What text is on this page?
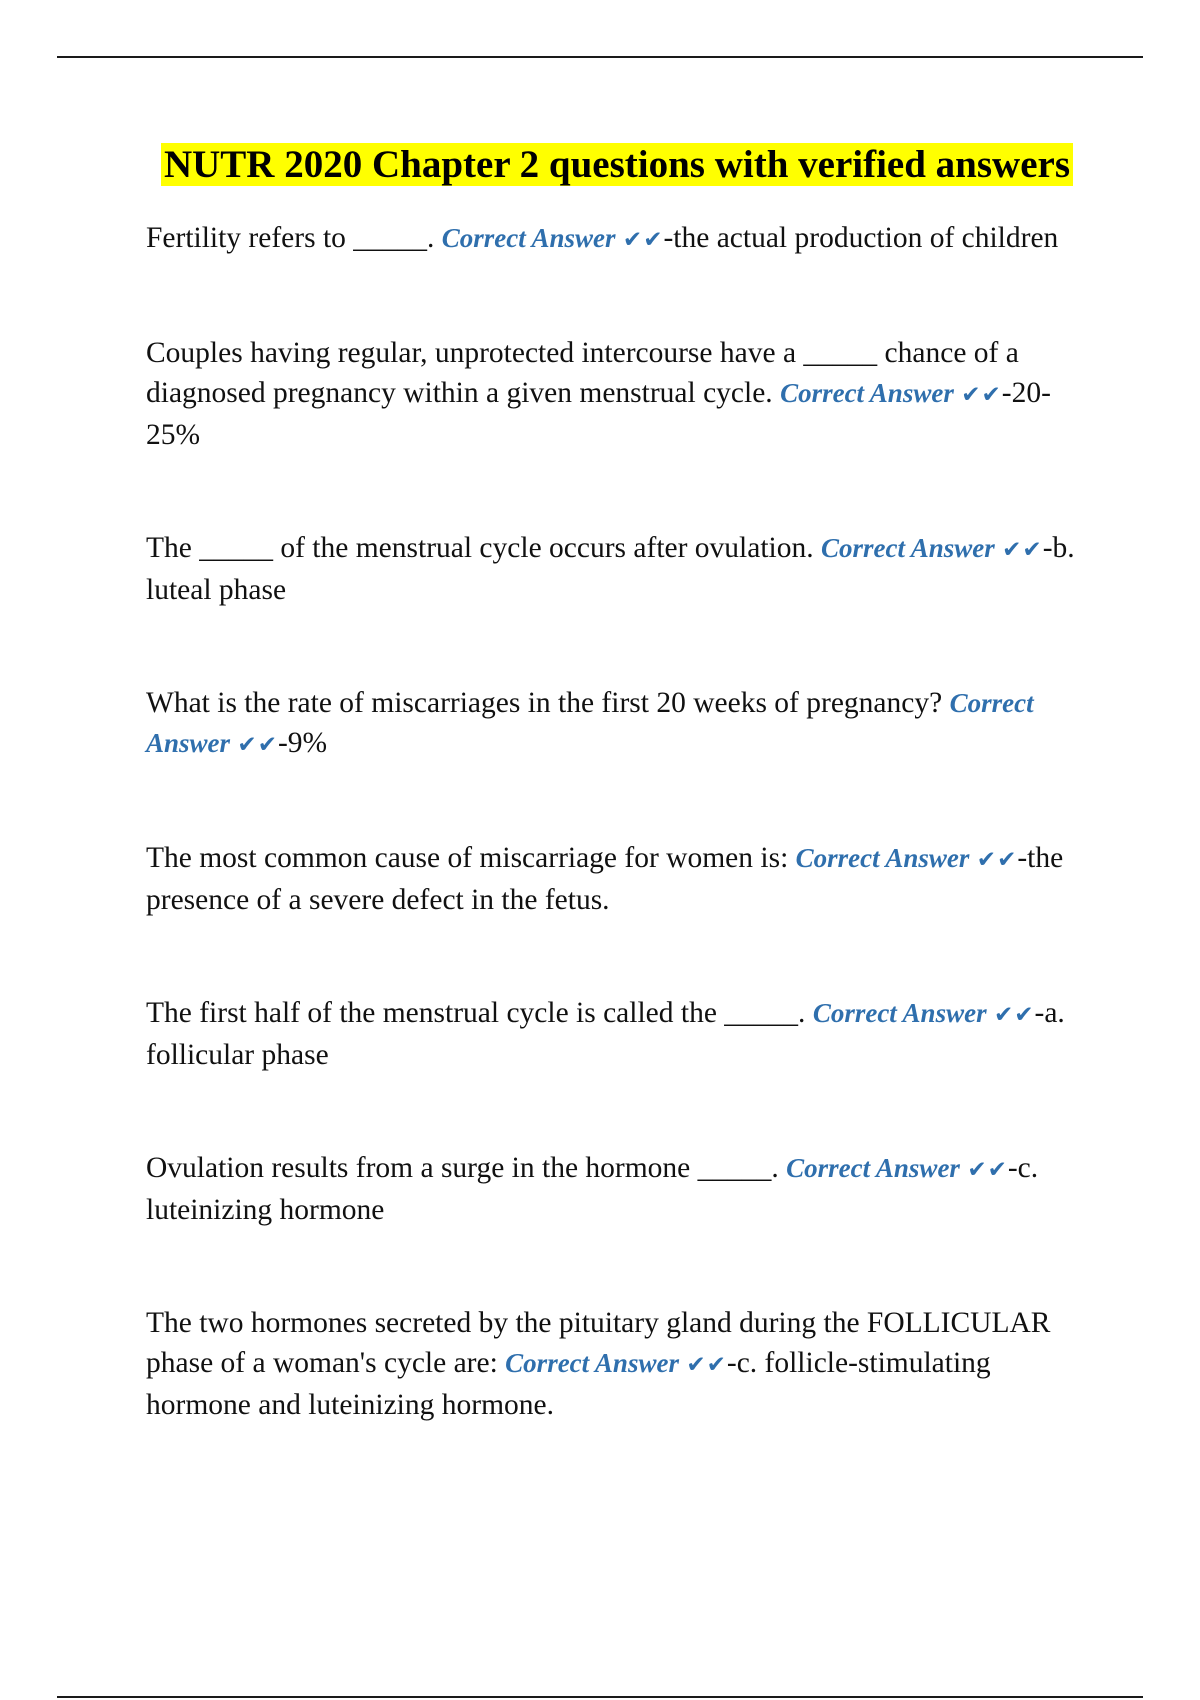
NUTR 2020 Chapter 2 questions with verified answers

Fertility refers to _____. Correct Answer ✔✔-the actual production of children

Couples having regular, unprotected intercourse have a _____ chance of a diagnosed pregnancy within a given menstrual cycle. Correct Answer ✔✔-20-25%

The _____ of the menstrual cycle occurs after ovulation. Correct Answer ✔✔-b. luteal phase

What is the rate of miscarriages in the first 20 weeks of pregnancy? Correct Answer ✔✔-9%

The most common cause of miscarriage for women is: Correct Answer ✔✔-the presence of a severe defect in the fetus.

The first half of the menstrual cycle is called the _____. Correct Answer ✔✔-a. follicular phase

Ovulation results from a surge in the hormone _____. Correct Answer ✔✔-c. luteinizing hormone

The two hormones secreted by the pituitary gland during the FOLLICULAR phase of a woman's cycle are: Correct Answer ✔✔-c. follicle-stimulating hormone and luteinizing hormone.
